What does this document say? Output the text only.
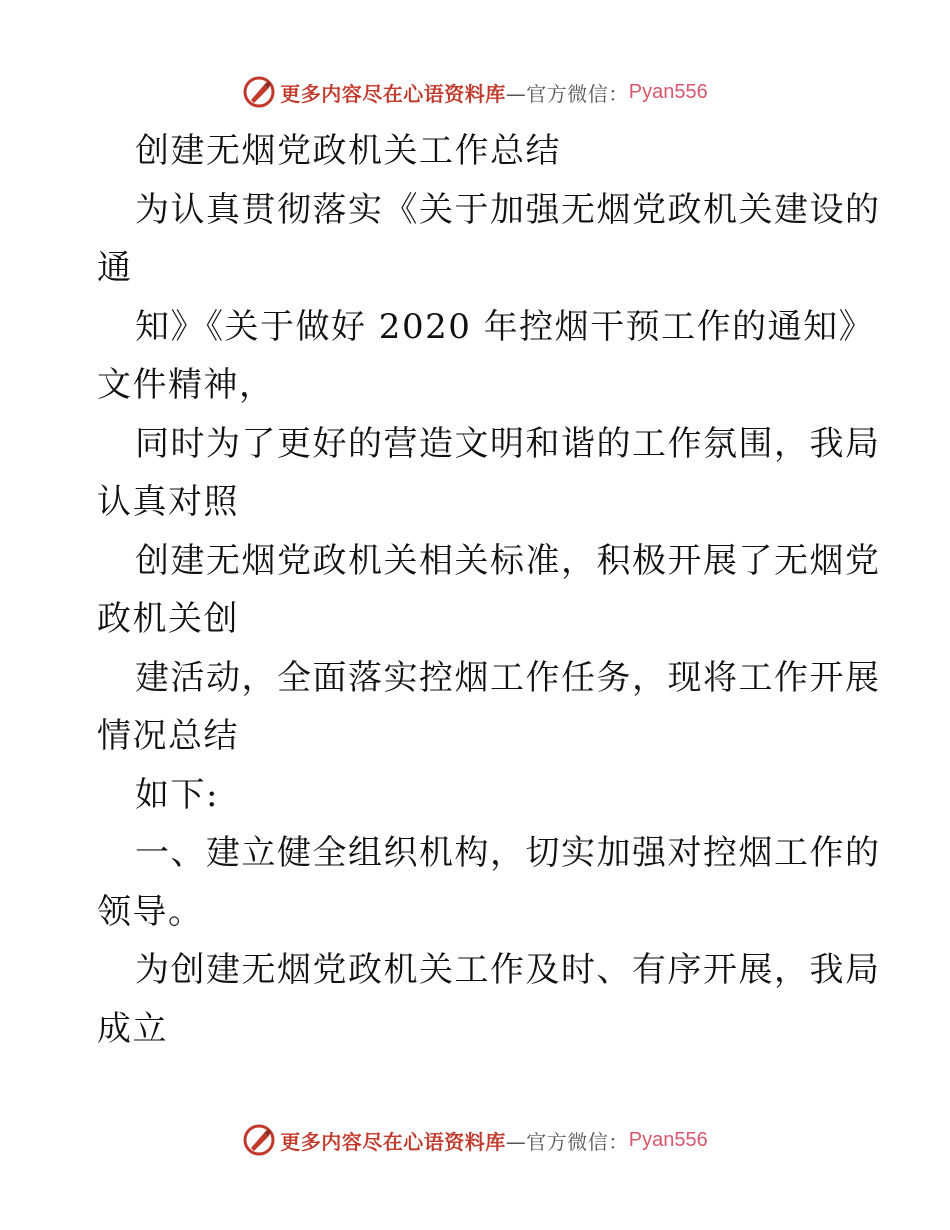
更多内容尽在心语资料库 —官方微信： Pyan556
创建无烟党政机关工作总结
为认真贯彻落实《关于加强无烟党政机关建设的
通
知》《关于做好 2020 年控烟干预工作的通知》
文件精神，
同时为了更好的营造文明和谐的工作氛围，我局
认真对照
创建无烟党政机关相关标准，积极开展了无烟党
政机关创
建活动，全面落实控烟工作任务，现将工作开展
情况总结
如下:
一、建立健全组织机构，切实加强对控烟工作的
领导。
为创建无烟党政机关工作及时、有序开展，我局
成立
更多内容尽在心语资料库 —官方微信： Pyan556
